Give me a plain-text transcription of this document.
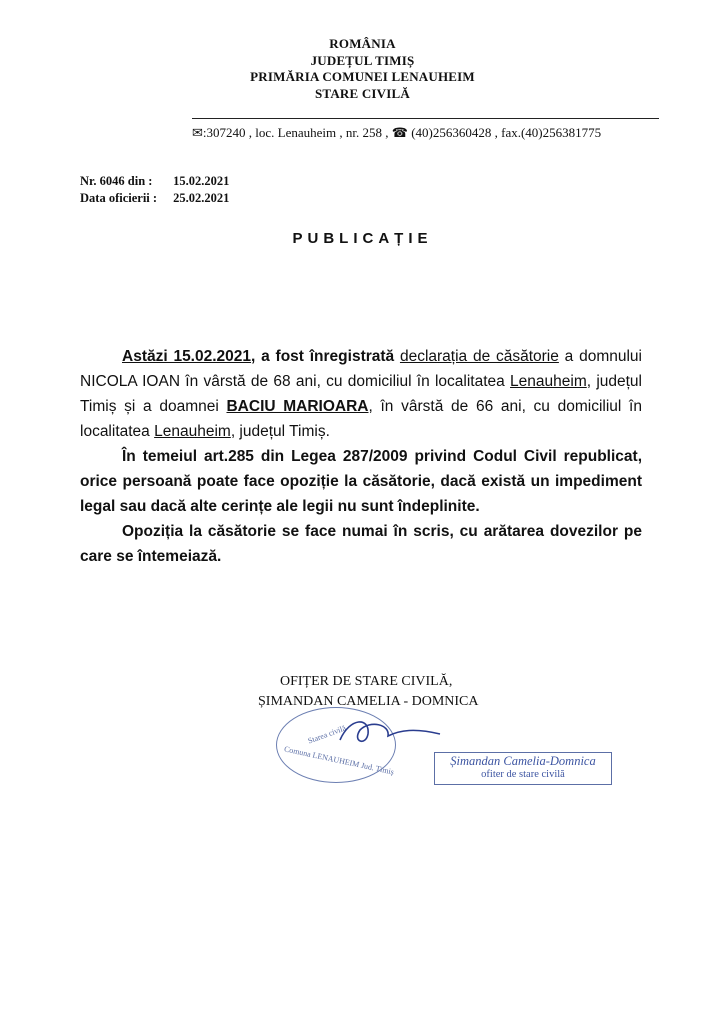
ROMÂNIA
JUDEȚUL TIMIȘ
PRIMĂRIA COMUNEI LENAUHEIM
STARE CIVILĂ
✉:307240 , loc. Lenauheim , nr. 258 , ☎ (40)256360428 , fax.(40)256381775
Nr. 6046 din : 15.02.2021
Data oficierii : 25.02.2021
PUBLICAȚIE

Astăzi 15.02.2021, a fost înregistrată declarația de căsătorie a domnului NICOLA IOAN în vârstă de 68 ani, cu domiciliul în localitatea Lenauheim, județul Timiș și a doamnei BACIU MARIOARA, în vârstă de 66 ani, cu domiciliul în localitatea Lenauheim, județul Timiș.

În temeiul art.285 din Legea 287/2009 privind Codul Civil republicat, orice persoană poate face opoziție la căsătorie, dacă există un impediment legal sau dacă alte cerințe ale legii nu sunt îndeplinite.

Opoziția la căsătorie se face numai în scris, cu arătarea dovezilor pe care se întemeiază.

OFIȚER DE STARE CIVILĂ,
ȘIMANDAN CAMELIA - DOMNICA
Starea civilă
Comuna LENAUHEIM Jud. Timiș	Șimandan Camelia-Domnica
ofiter de stare civilă
